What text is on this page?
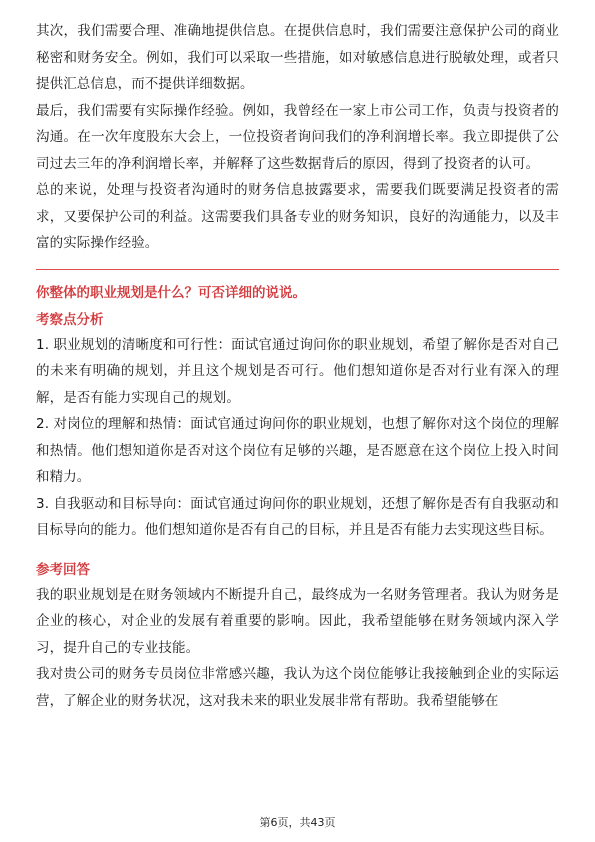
其次，我们需要合理、准确地提供信息。在提供信息时，我们需要注意保护公司的商业秘密和财务安全。例如，我们可以采取一些措施，如对敏感信息进行脱敏处理，或者只提供汇总信息，而不提供详细数据。

最后，我们需要有实际操作经验。例如，我曾经在一家上市公司工作，负责与投资者的沟通。在一次年度股东大会上，一位投资者询问我们的净利润增长率。我立即提供了公司过去三年的净利润增长率，并解释了这些数据背后的原因，得到了投资者的认可。

总的来说，处理与投资者沟通时的财务信息披露要求，需要我们既要满足投资者的需求，又要保护公司的利益。这需要我们具备专业的财务知识，良好的沟通能力，以及丰富的实际操作经验。

你整体的职业规划是什么？可否详细的说说。
考察点分析

1. 职业规划的清晰度和可行性：面试官通过询问你的职业规划，希望了解你是否对自己的未来有明确的规划，并且这个规划是否可行。他们想知道你是否对行业有深入的理解，是否有能力实现自己的规划。

2. 对岗位的理解和热情：面试官通过询问你的职业规划，也想了解你对这个岗位的理解和热情。他们想知道你是否对这个岗位有足够的兴趣，是否愿意在这个岗位上投入时间和精力。

3. 自我驱动和目标导向：面试官通过询问你的职业规划，还想了解你是否有自我驱动和目标导向的能力。他们想知道你是否有自己的目标，并且是否有能力去实现这些目标。

参考回答

我的职业规划是在财务领域内不断提升自己，最终成为一名财务管理者。我认为财务是企业的核心，对企业的发展有着重要的影响。因此，我希望能够在财务领域内深入学习，提升自己的专业技能。

我对贵公司的财务专员岗位非常感兴趣，我认为这个岗位能够让我接触到企业的实际运营，了解企业的财务状况，这对我未来的职业发展非常有帮助。我希望能够在

第6页，共43页
